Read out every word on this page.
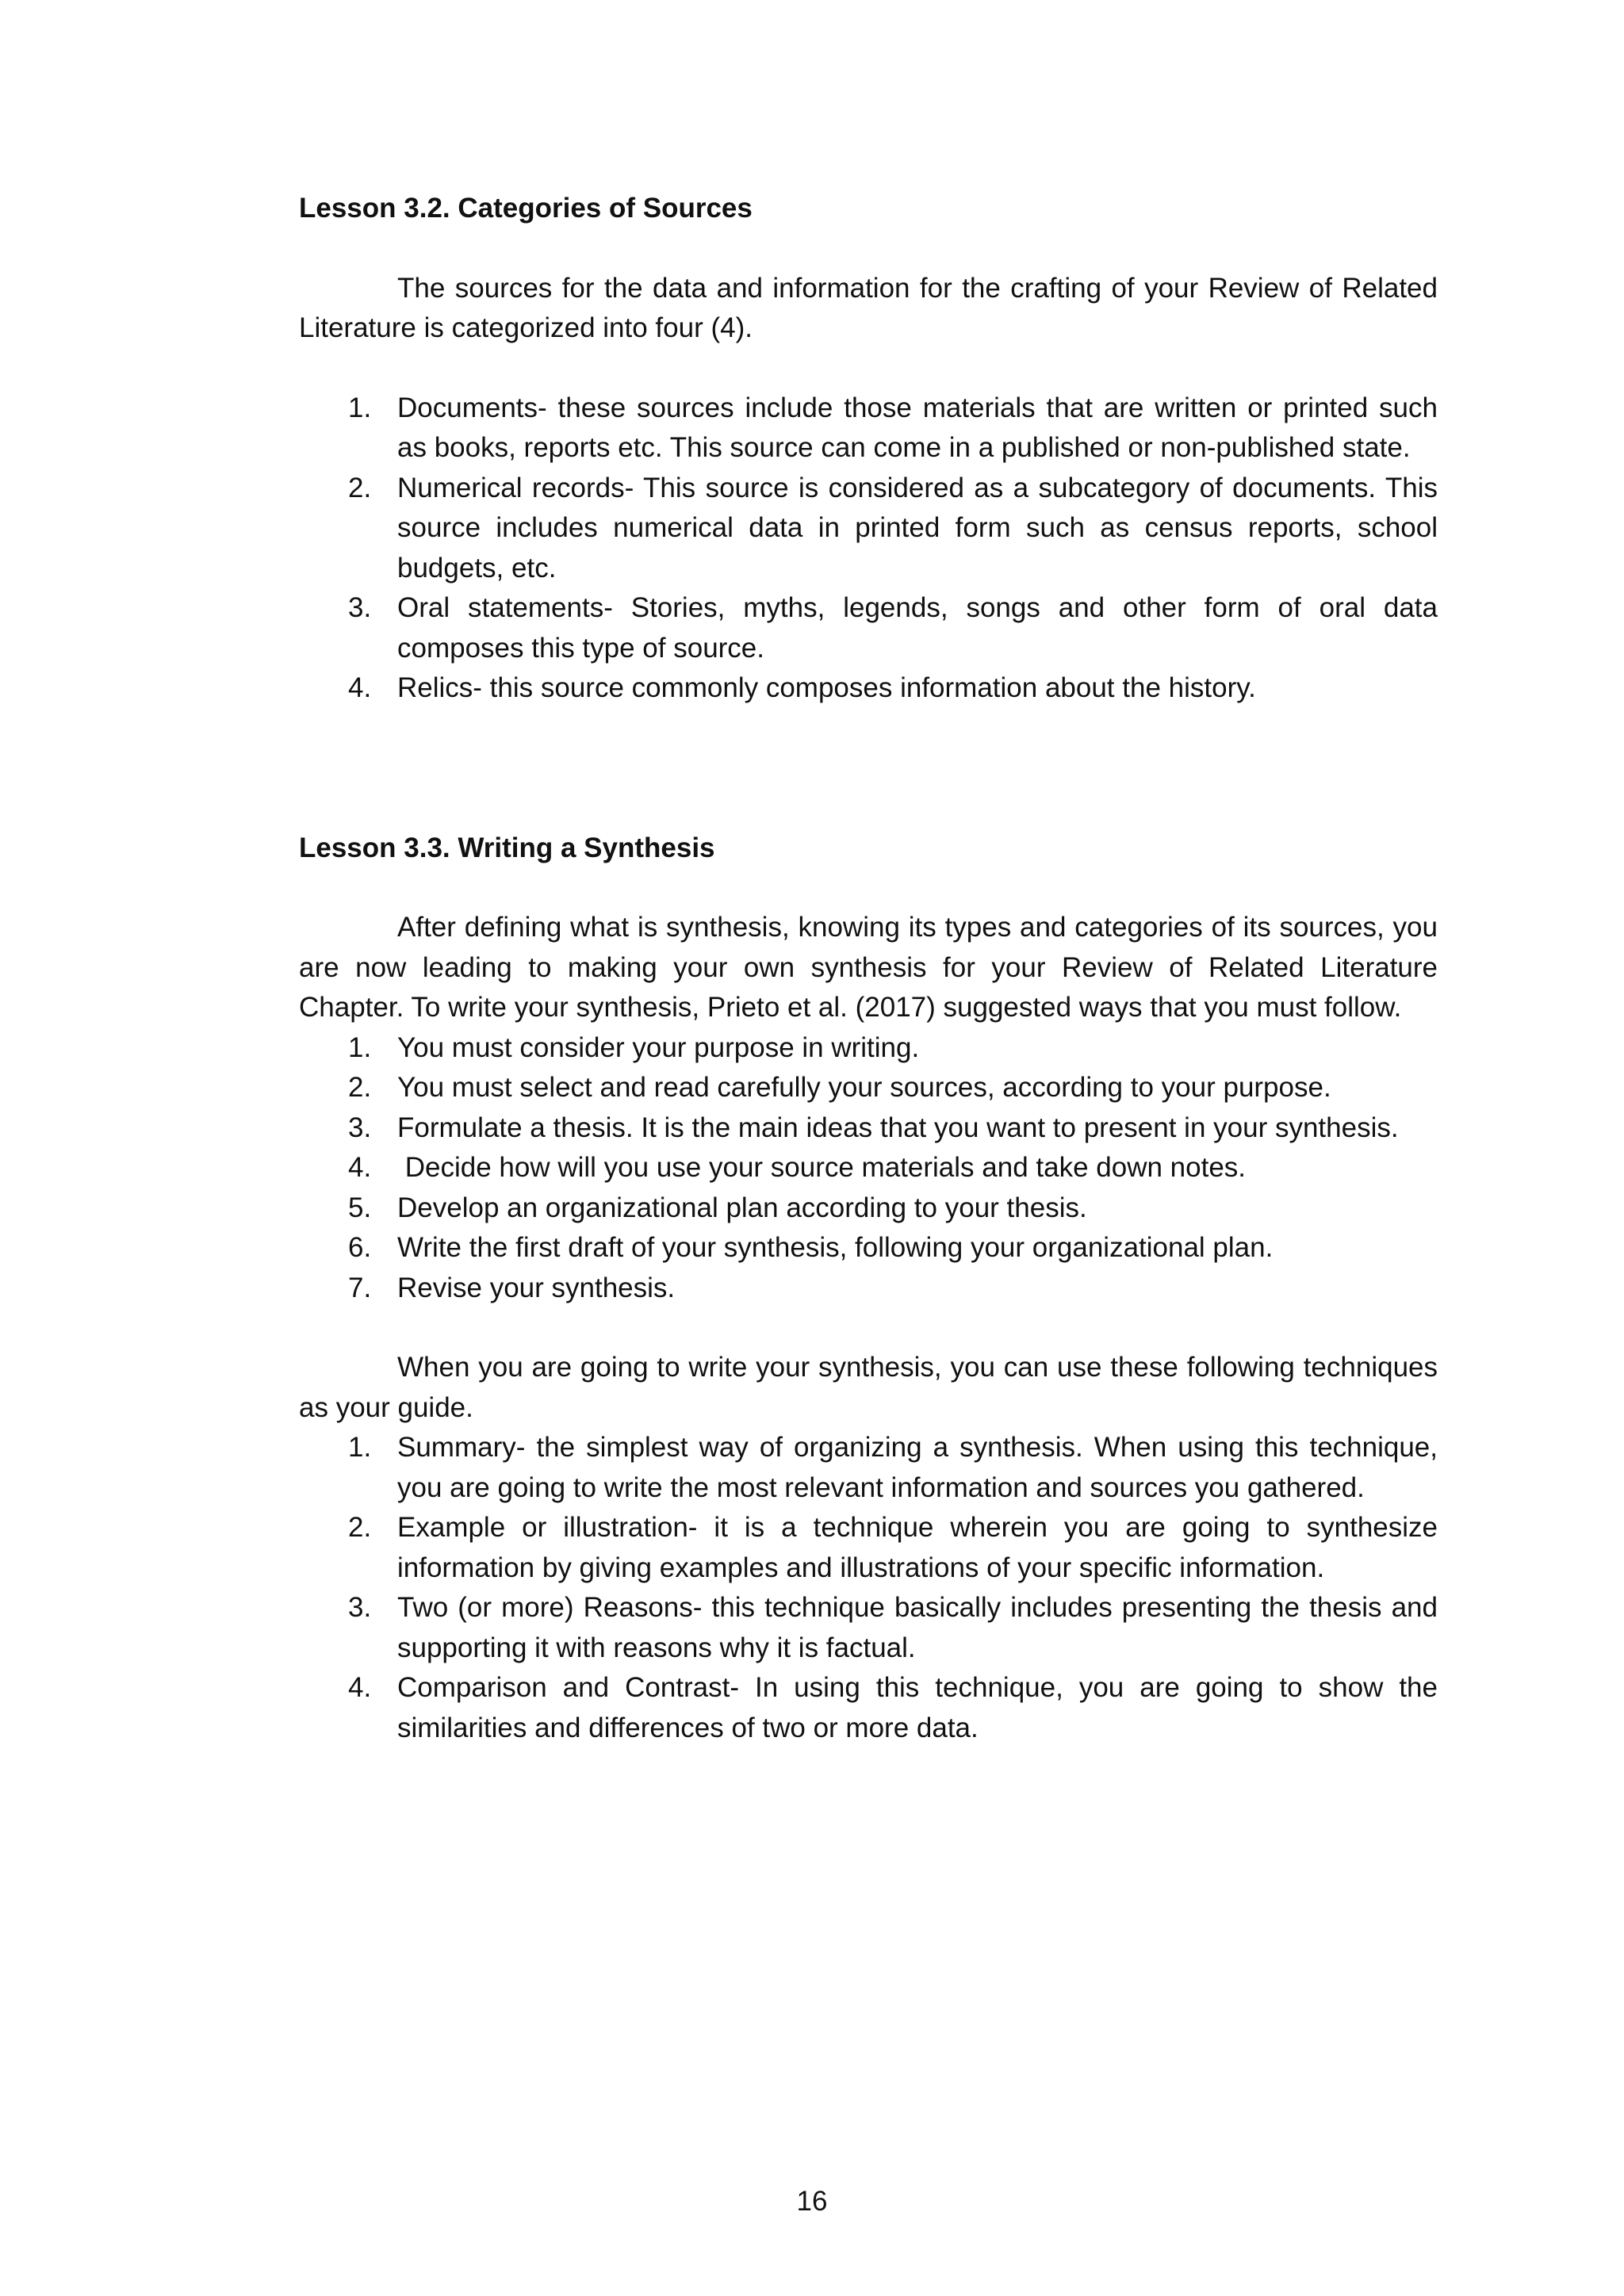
Lesson 3.2. Categories of Sources

The sources for the data and information for the crafting of your Review of Related Literature is categorized into four (4).

1. Documents- these sources include those materials that are written or printed such as books, reports etc. This source can come in a published or non-published state.
2. Numerical records- This source is considered as a subcategory of documents. This source includes numerical data in printed form such as census reports, school budgets, etc.
3. Oral statements- Stories, myths, legends, songs and other form of oral data composes this type of source.
4. Relics- this source commonly composes information about the history.

Lesson 3.3. Writing a Synthesis

After defining what is synthesis, knowing its types and categories of its sources, you are now leading to making your own synthesis for your Review of Related Literature Chapter. To write your synthesis, Prieto et al. (2017) suggested ways that you must follow.

1. You must consider your purpose in writing.
2. You must select and read carefully your sources, according to your purpose.
3. Formulate a thesis. It is the main ideas that you want to present in your synthesis.
4. Decide how will you use your source materials and take down notes.
5. Develop an organizational plan according to your thesis.
6. Write the first draft of your synthesis, following your organizational plan.
7. Revise your synthesis.

When you are going to write your synthesis, you can use these following techniques as your guide.

1. Summary- the simplest way of organizing a synthesis. When using this technique, you are going to write the most relevant information and sources you gathered.
2. Example or illustration- it is a technique wherein you are going to synthesize information by giving examples and illustrations of your specific information.
3. Two (or more) Reasons- this technique basically includes presenting the thesis and supporting it with reasons why it is factual.
4. Comparison and Contrast- In using this technique, you are going to show the similarities and differences of two or more data.
16
